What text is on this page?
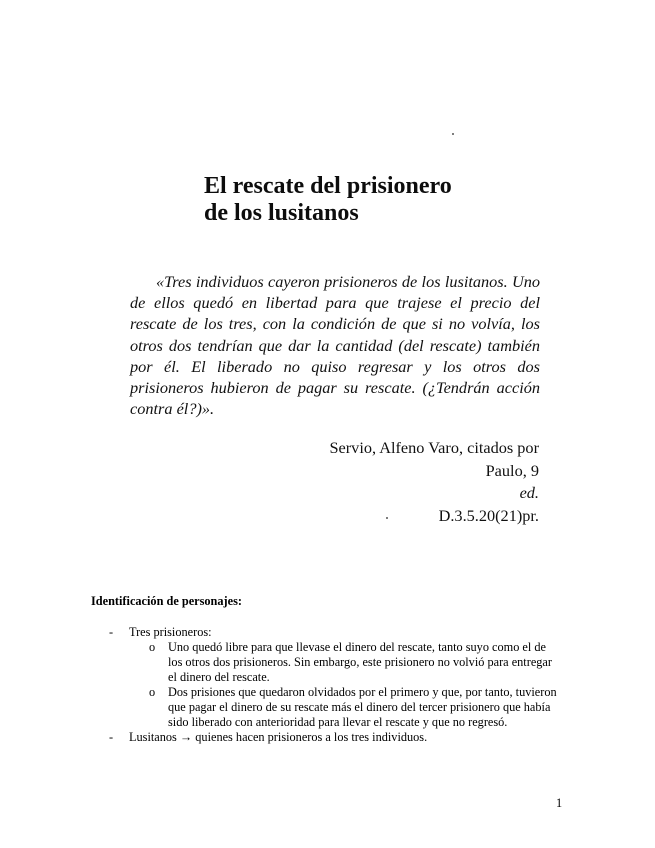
El rescate del prisionero
de los lusitanos

«Tres individuos cayeron prisioneros de los lusitanos. Uno de ellos quedó en libertad para que trajese el precio del rescate de los tres, con la condición de que si no volvía, los otros dos tendrían que dar la cantidad (del rescate) también por él. El liberado no quiso regresar y los otros dos prisioneros hubieron de pagar su rescate. (¿Tendrán acción contra él?)».

Servio, Alfeno Varo, citados por
Paulo, 9
ed.
D.3.5.20(21)pr.
Identificación de personajes:
- Tres prisioneros:
o Uno quedó libre para que llevase el dinero del rescate, tanto suyo como el de los otros dos prisioneros. Sin embargo, este prisionero no volvió para entregar el dinero del rescate.
o Dos prisiones que quedaron olvidados por el primero y que, por tanto, tuvieron que pagar el dinero de su rescate más el dinero del tercer prisionero que había sido liberado con anterioridad para llevar el rescate y que no regresó.
- Lusitanos → quienes hacen prisioneros a los tres individuos.
1
